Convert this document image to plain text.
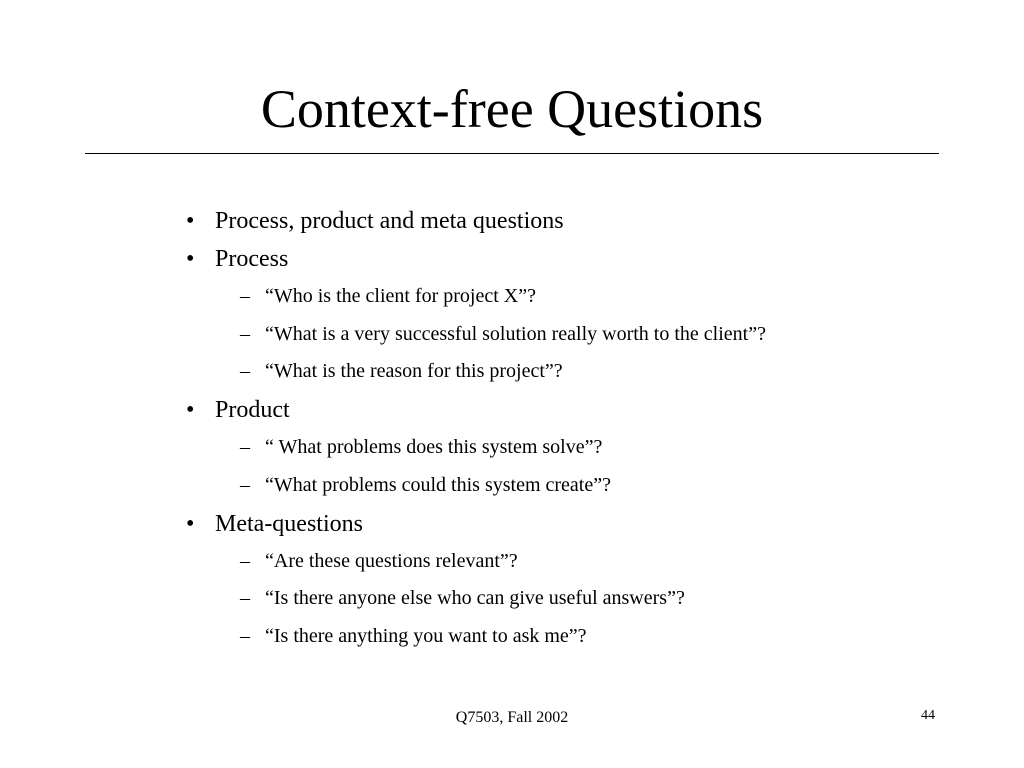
Context-free Questions
• Process, product and meta questions
• Process
– “Who is the client for project X”?
– “What is a very successful solution really worth to the client”?
– “What is the reason for this project”?
• Product
– “ What problems does this system solve”?
– “What problems could this system create”?
• Meta-questions
– “Are these questions relevant”?
– “Is there anyone else who can give useful answers”?
– “Is there anything you want to ask me”?
Q7503, Fall 2002	44
